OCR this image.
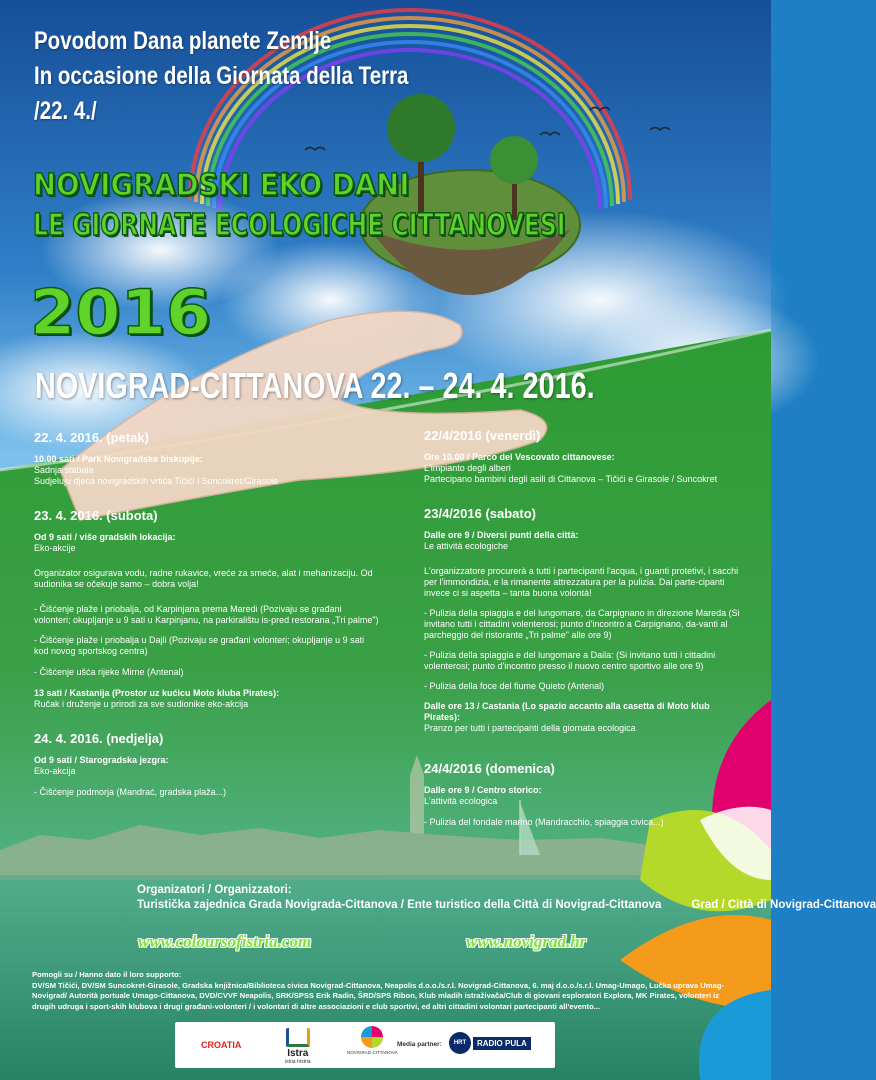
Povodom Dana planete Zemlje
In occasione della Giornata della Terra
/22. 4./
NOVIGRADSKI EKO DANI
LE GIORNATE ECOLOGICHE CITTANOVESI
2016
NOVIGRAD-CITTANOVA 22. – 24. 4. 2016.
22. 4. 2016. (petak)
10.00 sati / Park Novigradske biskupije:
Sadnja stabala
Sudjeluju djeca novigradskih vrtića Tičići i Suncokret/Girasole
23. 4. 2016. (subota)
Od 9 sati / više gradskih lokacija:
Eko-akcije
Organizator osigurava vodu, radne rukavice, vreće za smeće, alat i mehanizaciju. Od sudionika se očekuje samo – dobra volja!
- Čišćenje plaže i priobalja, od Karpinjana prema Maredi (Pozivaju se građani volonteri; okupljanje u 9 sati u Karpinjanu, na parkiralištu is-pred restorana „Tri palme")
- Čišćenje plaže i priobalja u Dajli (Pozivaju se građani volonteri; okupljanje u 9 sati kod novog sportskog centra)
- Čišćenje ušća rijeke Mirne (Antenal)
13 sati / Kastanija (Prostor uz kućicu Moto kluba Pirates):
Ručak i druženje u prirodi za sve sudionike eko-akcija
24. 4. 2016. (nedjelja)
Od 9 sati / Starogradska jezgra:
Eko-akcija
- Čišćenje podmorja (Mandrać, gradska plaža...)
22/4/2016 (venerdì)
Ore 10.00 / Parco del Vescovato cittanovese:
L'impianto degli alberi
Partecipano bambini degli asili di Cittanova – Tičići e Girasole / Suncokret
23/4/2016 (sabato)
Dalle ore 9 / Diversi punti della città:
Le attività ecologiche
L'organizzatore procurerà a tutti i partecipanti l'acqua, i guanti protetivi, i sacchi per l'immondizia, e la rimanente attrezzatura per la pulizia. Dai parte-cipanti invece ci si aspetta – tanta buona volontà!
- Pulizia della spiaggia e del lungomare, da Carpignano in direzione Mareda (Si invitano tutti i cittadini volenterosi; punto d'incontro a Carpignano, da-vanti al parcheggio del ristorante „Tri palme" alle ore 9)
- Pulizia della spiaggia e del lungomare a Daila: (Si invitano tutti i cittadini volenterosi; punto d'incontro presso il nuovo centro sportivo alle ore 9)
- Pulizia della foce del fiume Quieto (Antenal)
Dalle ore 13 / Castania (Lo spazio accanto alla casetta di Moto klub Pirates):
Pranzo per tutti i partecipanti della giornata ecologica
24/4/2016 (domenica)
Dalle ore 9 / Centro storico:
L'attività ecologica
- Pulizia del fondale marino (Mandracchio, spiaggia civica...)
Organizatori / Organizzatori:
Turistička zajednica Grada Novigrada-Cittanova / Ente turistico della Città di Novigrad-Cittanova	Grad / Città di Novigrad-Cittanova
www.coloursofistria.com	www.novigrad.hr
Pomogli su / Hanno dato il loro supporto:
DV/SM Tičići, DV/SM Suncokret-Girasole, Gradska knjižnica/Biblioteca civica Novigrad-Cittanova, Neapolis d.o.o./s.r.l. Novigrad-Cittanova, 6. maj d.o.o./s.r.l. Umag-Umago, Lučka uprava Umag-Novigrad/ Autorità portuale Umago-Cittanova, DVD/CVVF Neapolis, SRK/SPSS Erik Radin, ŠRD/SPS Ribon, Klub mladih istraživača/Club di giovani esploratori Explora, MK Pirates, volonteri iz drugih udruga i sport-skih klubova i drugi građani-volonteri / i volontari di altre associazioni e club sportivi, ed altri cittadini volontari partecipanti all'evento...
CROATIA
Istra
istria·histria
NOVIGRAD·CITTANOVA
Media partner:	HRT	RADIO PULA
